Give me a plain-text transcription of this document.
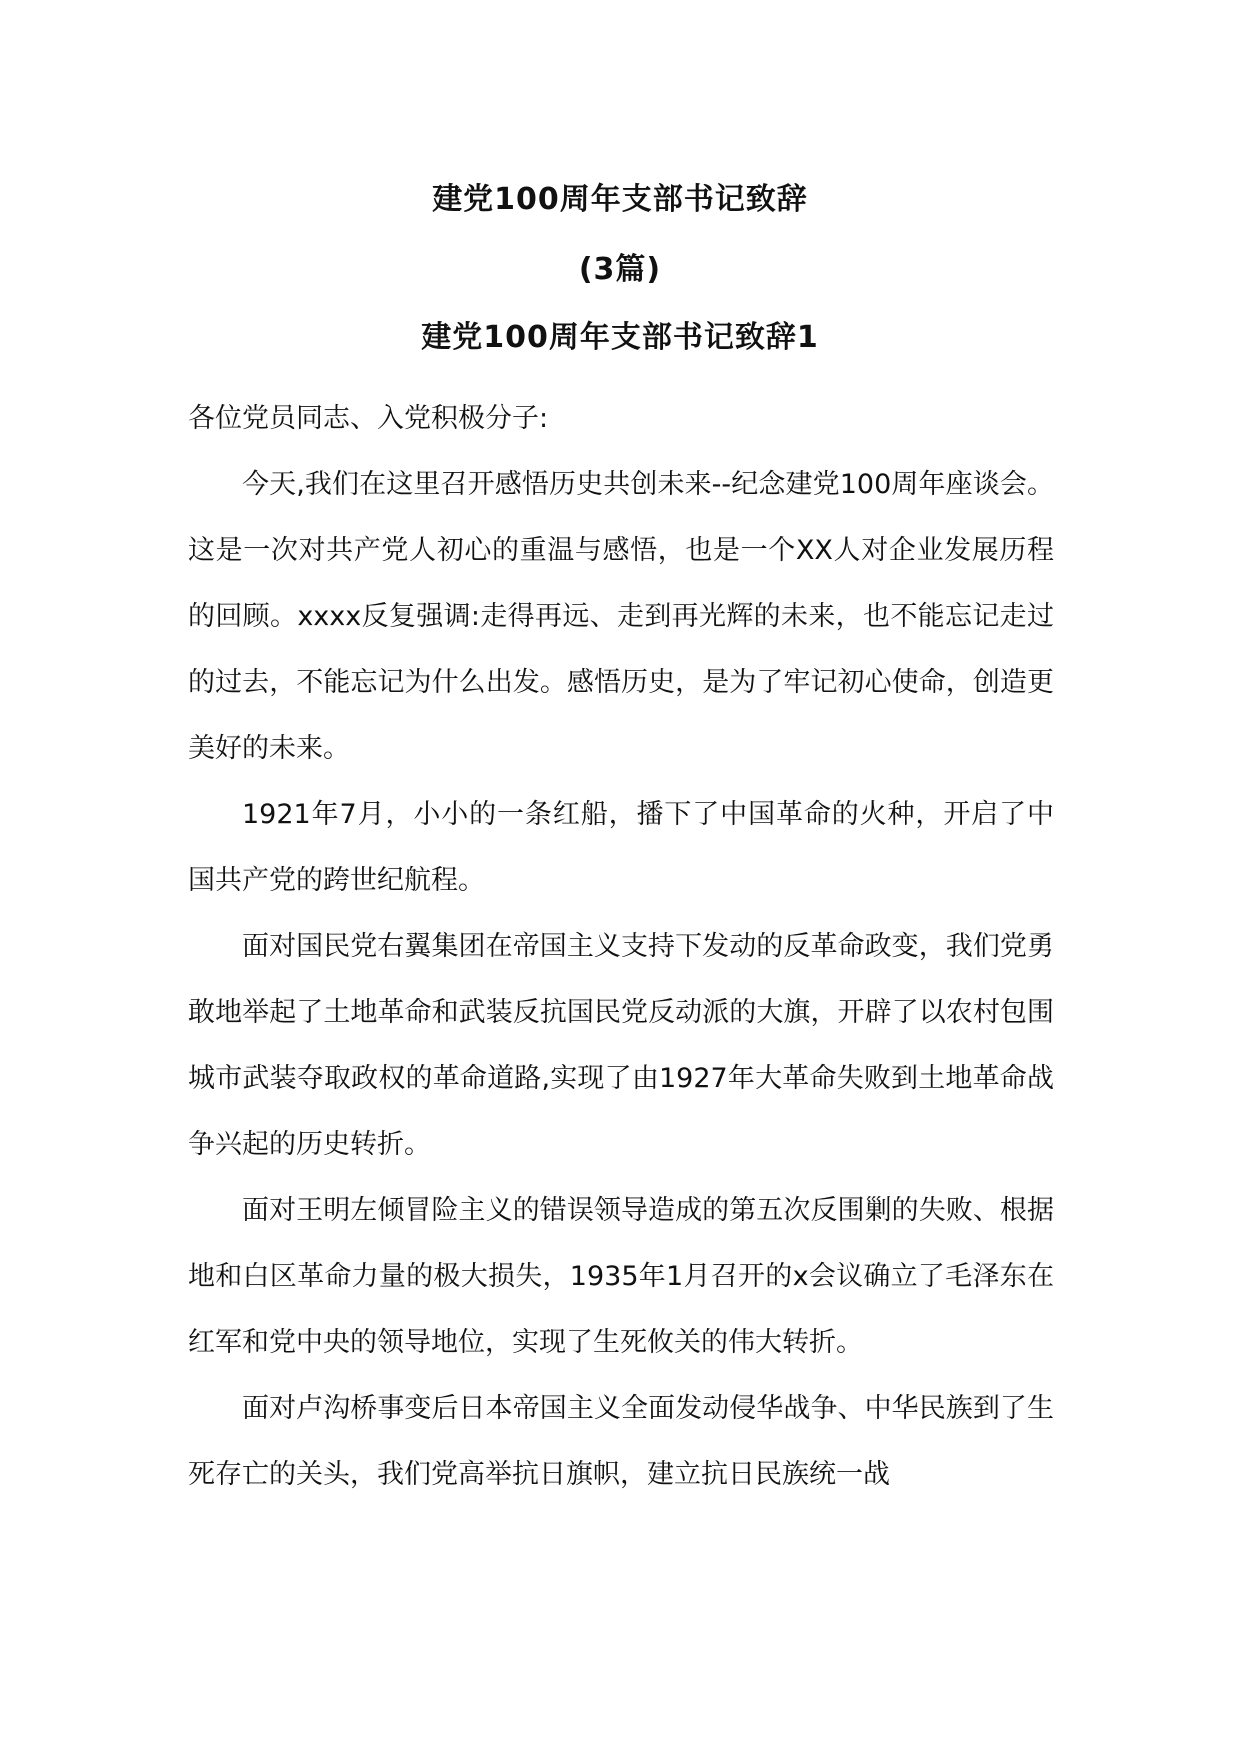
建党100周年支部书记致辞
(3篇)
建党100周年支部书记致辞1

各位党员同志、入党积极分子:

今天,我们在这里召开感悟历史共创未来--纪念建党100周年座谈会。这是一次对共产党人初心的重温与感悟，也是一个XX人对企业发展历程的回顾。xxxx反复强调:走得再远、走到再光辉的未来，也不能忘记走过的过去，不能忘记为什么出发。感悟历史，是为了牢记初心使命，创造更美好的未来。

1921年7月，小小的一条红船，播下了中国革命的火种，开启了中国共产党的跨世纪航程。

面对国民党右翼集团在帝国主义支持下发动的反革命政变，我们党勇敢地举起了土地革命和武装反抗国民党反动派的大旗，开辟了以农村包围城市武装夺取政权的革命道路,实现了由1927年大革命失败到土地革命战争兴起的历史转折。

面对王明左倾冒险主义的错误领导造成的第五次反围剿的失败、根据地和白区革命力量的极大损失，1935年1月召开的x会议确立了毛泽东在红军和党中央的领导地位，实现了生死攸关的伟大转折。

面对卢沟桥事变后日本帝国主义全面发动侵华战争、中华民族到了生死存亡的关头，我们党高举抗日旗帜，建立抗日民族统一战
